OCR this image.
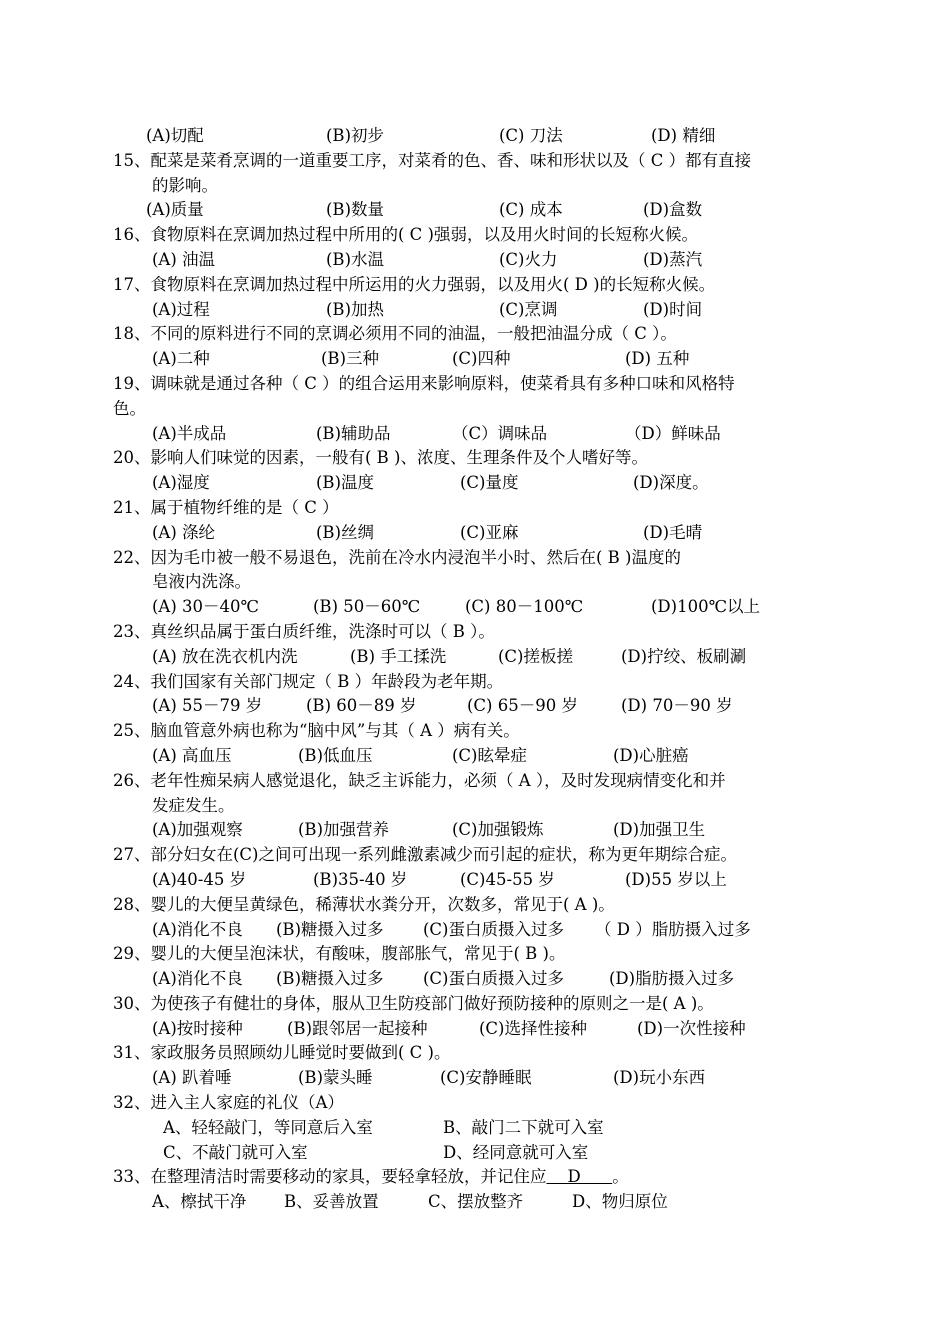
(A)切配	(B)初步	(C) 刀法	(D) 精细
15、配菜是菜肴烹调的一道重要工序，对菜肴的色、香、味和形状以及（ C ）都有直接
的影响。
(A)质量	(B)数量	(C) 成本	(D)盒数
16、食物原料在烹调加热过程中所用的( C )强弱，以及用火时间的长短称火候。
(A) 油温	(B)水温	(C)火力	(D)蒸汽
17、食物原料在烹调加热过程中所运用的火力强弱，以及用火( D )的长短称火候。
(A)过程	(B)加热	(C)烹调	(D)时间
18、不同的原料进行不同的烹调必须用不同的油温，一般把油温分成（ C ）。
(A)二种	(B)三种	(C)四种	(D) 五种
19、调味就是通过各种（ C ）的组合运用来影响原料，使菜肴具有多种口味和风格特
色。
(A)半成品	(B)辅助品	（C）调味品	（D）鲜味品
20、影响人们味觉的因素，一般有( B )、浓度、生理条件及个人嗜好等。
(A)湿度	(B)温度	(C)量度	(D)深度。
21、属于植物纤维的是（ C ）
(A) 涤纶	(B)丝绸	(C)亚麻	(D)毛晴
22、因为毛巾被一般不易退色，洗前在冷水内浸泡半小时、然后在( B )温度的
皂液内洗涤。
(A) 30－40℃	(B) 50－60℃	(C) 80－100℃	(D)100℃以上
23、真丝织品属于蛋白质纤维，洗涤时可以（ B ）。
(A) 放在洗衣机内洗	(B) 手工揉洗	(C)搓板搓	(D)拧绞、板刷涮
24、我们国家有关部门规定（ B ）年龄段为老年期。
(A) 55－79 岁	(B) 60－89 岁	(C) 65－90 岁	(D) 70－90 岁
25、脑血管意外病也称为“脑中风”与其（ A ）病有关。
(A) 高血压	(B)低血压	(C)眩晕症	(D)心脏癌
26、老年性痴呆病人感觉退化，缺乏主诉能力，必须（ A ），及时发现病情变化和并
发症发生。
(A)加强观察	(B)加强营养	(C)加强锻炼	(D)加强卫生
27、部分妇女在(C)之间可出现一系列雌激素减少而引起的症状，称为更年期综合症。
(A)40-45 岁	(B)35-40 岁	(C)45-55 岁	(D)55 岁以上
28、婴儿的大便呈黄绿色，稀薄状水粪分开，次数多，常见于( A )。
(A)消化不良 (B)糖摄入过多 (C)蛋白质摄入过多 （ D ）脂肪摄入过多
29、婴儿的大便呈泡沫状，有酸味，腹部胀气，常见于( B )。
(A)消化不良 (B)糖摄入过多 (C)蛋白质摄入过多	(D)脂肪摄入过多
30、为使孩子有健壮的身体，服从卫生防疫部门做好预防接种的原则之一是( A )。
(A)按时接种	(B)跟邻居一起接种	(C)选择性接种	(D)一次性接种
31、家政服务员照顾幼儿睡觉时要做到( C )。
(A) 趴着唾	(B)蒙头睡	(C)安静睡眠	(D)玩小东西
32、进入主人家庭的礼仪（A）
A、轻轻敲门，等同意后入室	B、敲门二下就可入室
C、不敲门就可入室	D、经同意就可入室
33、在整理清洁时需要移动的家具，要轻拿轻放，并记住应    D      。
A、檫拭干净 B、妥善放置	C、摆放整齐	D、物归原位
